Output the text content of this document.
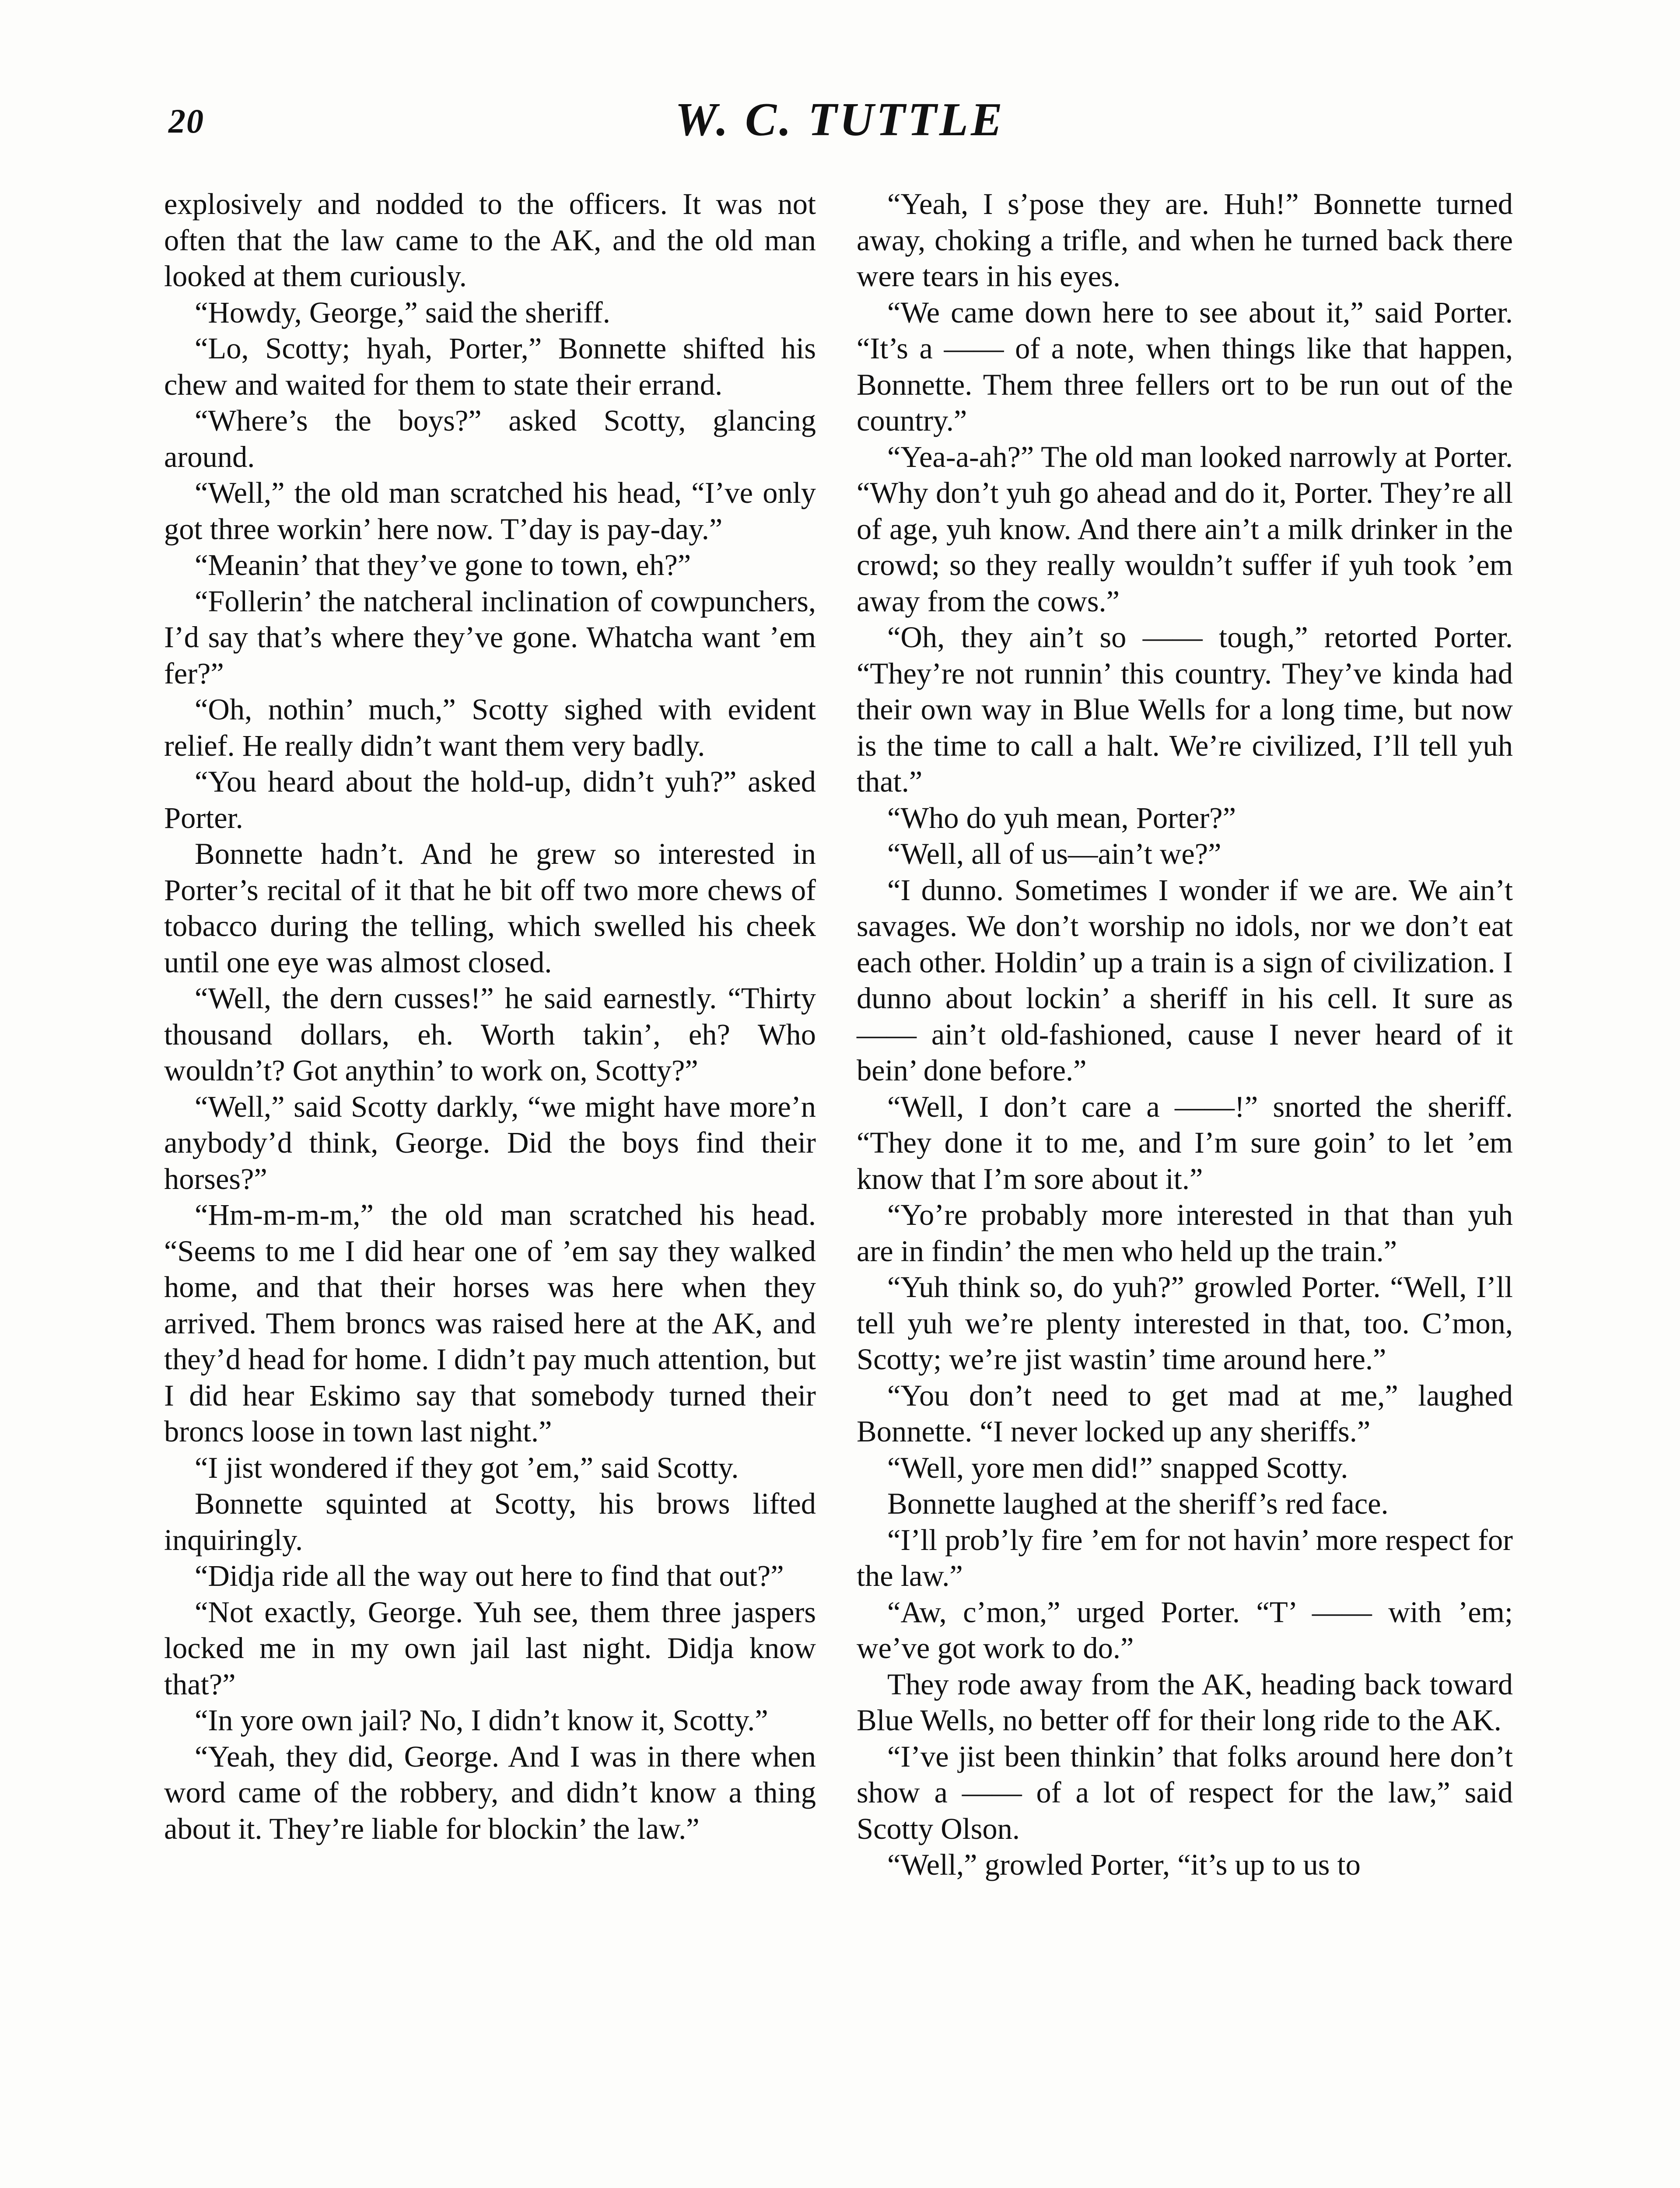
20	W. C. TUTTLE

explosively and nodded to the officers. It was not often that the law came to the AK, and the old man looked at them curiously.

“Howdy, George,” said the sheriff.

“Lo, Scotty; hyah, Porter,” Bonnette shifted his chew and waited for them to state their errand.

“Where’s the boys?” asked Scotty, glancing around.

“Well,” the old man scratched his head, “I’ve only got three workin’ here now. T’day is pay-day.”

“Meanin’ that they’ve gone to town, eh?”

“Follerin’ the natcheral inclination of cowpunchers, I’d say that’s where they’ve gone. Whatcha want ’em fer?”

“Oh, nothin’ much,” Scotty sighed with evident relief. He really didn’t want them very badly.

“You heard about the hold-up, didn’t yuh?” asked Porter.

Bonnette hadn’t. And he grew so interested in Porter’s recital of it that he bit off two more chews of tobacco during the telling, which swelled his cheek until one eye was almost closed.

“Well, the dern cusses!” he said earnestly. “Thirty thousand dollars, eh. Worth takin’, eh? Who wouldn’t? Got anythin’ to work on, Scotty?”

“Well,” said Scotty darkly, “we might have more’n anybody’d think, George. Did the boys find their horses?”

“Hm-m-m-m,” the old man scratched his head. “Seems to me I did hear one of ’em say they walked home, and that their horses was here when they arrived. Them broncs was raised here at the AK, and they’d head for home. I didn’t pay much attention, but I did hear Eskimo say that somebody turned their broncs loose in town last night.”

“I jist wondered if they got ’em,” said Scotty.

Bonnette squinted at Scotty, his brows lifted inquiringly.

“Didja ride all the way out here to find that out?”

“Not exactly, George. Yuh see, them three jaspers locked me in my own jail last night. Didja know that?”

“In yore own jail? No, I didn’t know it, Scotty.”

“Yeah, they did, George. And I was in there when word came of the robbery, and didn’t know a thing about it. They’re liable for blockin’ the law.”

“Yeah, I s’pose they are. Huh!” Bonnette turned away, choking a trifle, and when he turned back there were tears in his eyes.

“We came down here to see about it,” said Porter. “It’s a —— of a note, when things like that happen, Bonnette. Them three fellers ort to be run out of the country.”

“Yea-a-ah?” The old man looked narrowly at Porter. “Why don’t yuh go ahead and do it, Porter. They’re all of age, yuh know. And there ain’t a milk drinker in the crowd; so they really wouldn’t suffer if yuh took ’em away from the cows.”

“Oh, they ain’t so —— tough,” retorted Porter. “They’re not runnin’ this country. They’ve kinda had their own way in Blue Wells for a long time, but now is the time to call a halt. We’re civilized, I’ll tell yuh that.”

“Who do yuh mean, Porter?”

“Well, all of us—ain’t we?”

“I dunno. Sometimes I wonder if we are. We ain’t savages. We don’t worship no idols, nor we don’t eat each other. Holdin’ up a train is a sign of civilization. I dunno about lockin’ a sheriff in his cell. It sure as —— ain’t old-fashioned, cause I never heard of it bein’ done before.”

“Well, I don’t care a ——!” snorted the sheriff. “They done it to me, and I’m sure goin’ to let ’em know that I’m sore about it.”

“Yo’re probably more interested in that than yuh are in findin’ the men who held up the train.”

“Yuh think so, do yuh?” growled Porter. “Well, I’ll tell yuh we’re plenty interested in that, too. C’mon, Scotty; we’re jist wastin’ time around here.”

“You don’t need to get mad at me,” laughed Bonnette. “I never locked up any sheriffs.”

“Well, yore men did!” snapped Scotty.

Bonnette laughed at the sheriff’s red face.

“I’ll prob’ly fire ’em for not havin’ more respect for the law.”

“Aw, c’mon,” urged Porter. “T’ —— with ’em; we’ve got work to do.”

They rode away from the AK, heading back toward Blue Wells, no better off for their long ride to the AK.

“I’ve jist been thinkin’ that folks around here don’t show a —— of a lot of respect for the law,” said Scotty Olson.

“Well,” growled Porter, “it’s up to us to
